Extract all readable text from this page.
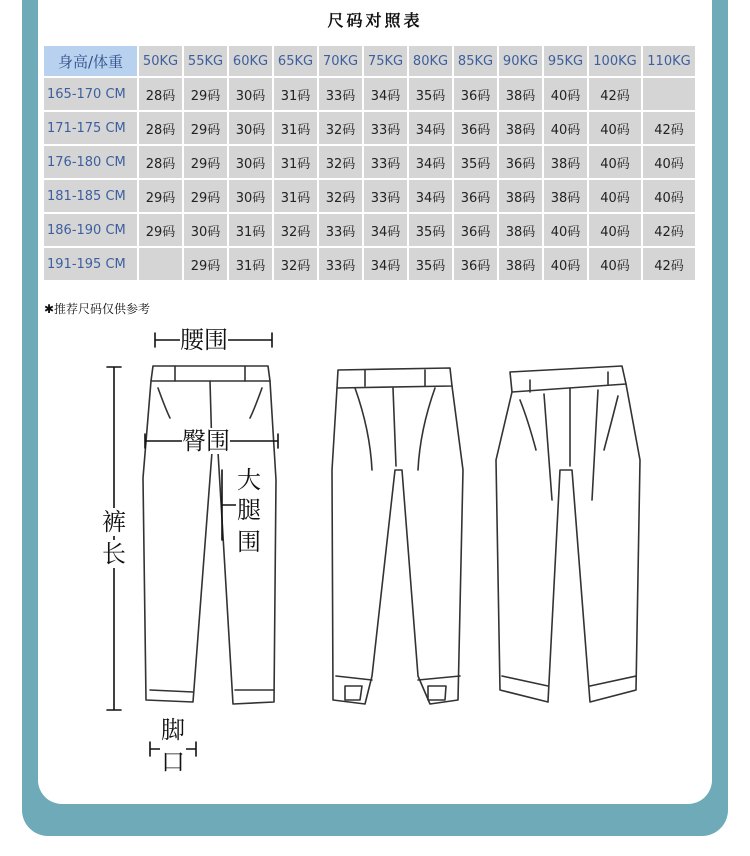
尺码对照表
身高/体重	50KG	55KG	60KG	65KG	70KG	75KG	80KG	85KG	90KG	95KG	100KG	110KG
165-170 CM	28码	29码	30码	31码	33码	34码	35码	36码	38码	40码	42码	
171-175 CM	28码	29码	30码	31码	32码	33码	34码	36码	38码	40码	40码	42码
176-180 CM	28码	29码	30码	31码	32码	33码	34码	35码	36码	38码	40码	40码
181-185 CM	29码	29码	30码	31码	32码	33码	34码	36码	38码	38码	40码	40码
186-190 CM	29码	30码	31码	32码	33码	34码	35码	36码	38码	40码	40码	42码
191-195 CM		29码	31码	32码	33码	34码	35码	36码	38码	40码	40码	42码
✱推荐尺码仅供参考
腰围
臀围
大
腿
围
裤
长
脚
口
